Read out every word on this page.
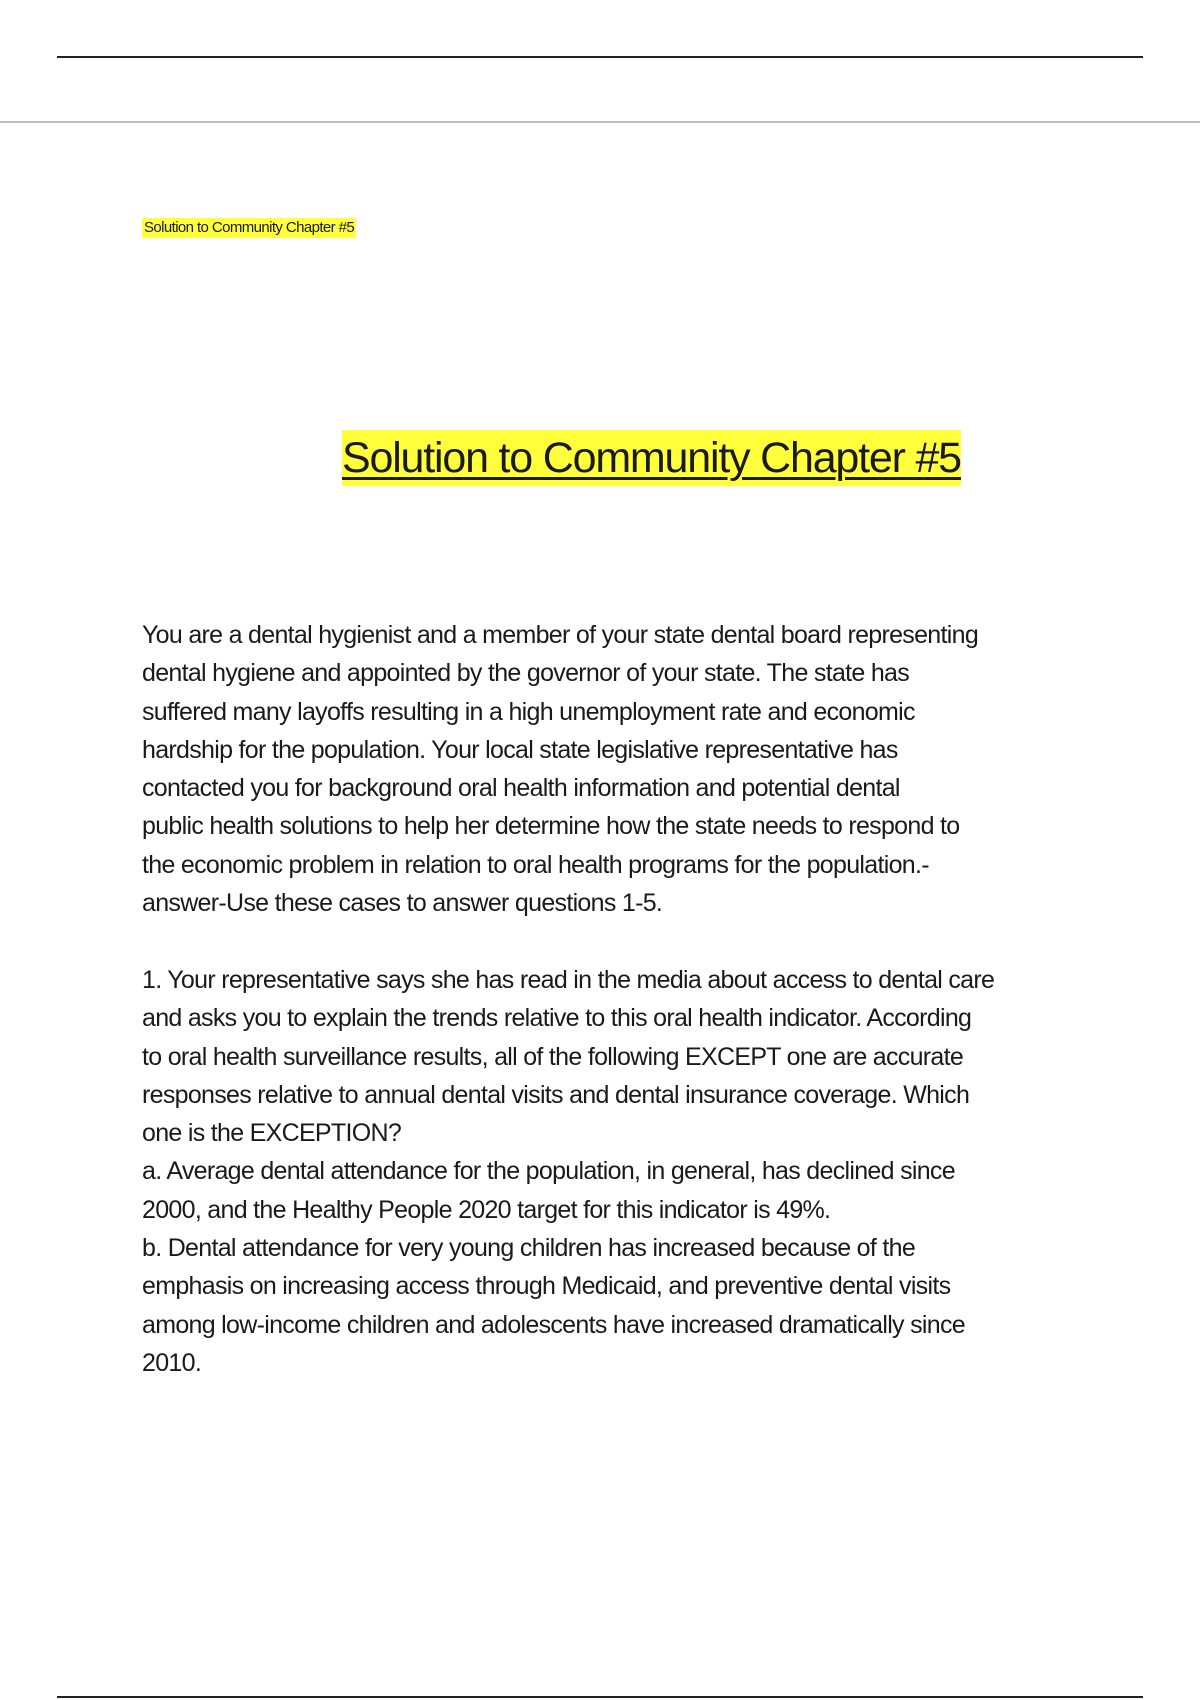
Solution to Community Chapter #5
Solution to Community Chapter #5

You are a dental hygienist and a member of your state dental board representing

dental hygiene and appointed by the governor of your state. The state has

suffered many layoffs resulting in a high unemployment rate and economic

hardship for the population. Your local state legislative representative has

contacted you for background oral health information and potential dental

public health solutions to help her determine how the state needs to respond to

the economic problem in relation to oral health programs for the population.-

answer-Use these cases to answer questions 1-5.

1. Your representative says she has read in the media about access to dental care

and asks you to explain the trends relative to this oral health indicator. According

to oral health surveillance results, all of the following EXCEPT one are accurate

responses relative to annual dental visits and dental insurance coverage. Which

one is the EXCEPTION?

a. Average dental attendance for the population, in general, has declined since

2000, and the Healthy People 2020 target for this indicator is 49%.

b. Dental attendance for very young children has increased because of the

emphasis on increasing access through Medicaid, and preventive dental visits

among low-income children and adolescents have increased dramatically since

2010.
